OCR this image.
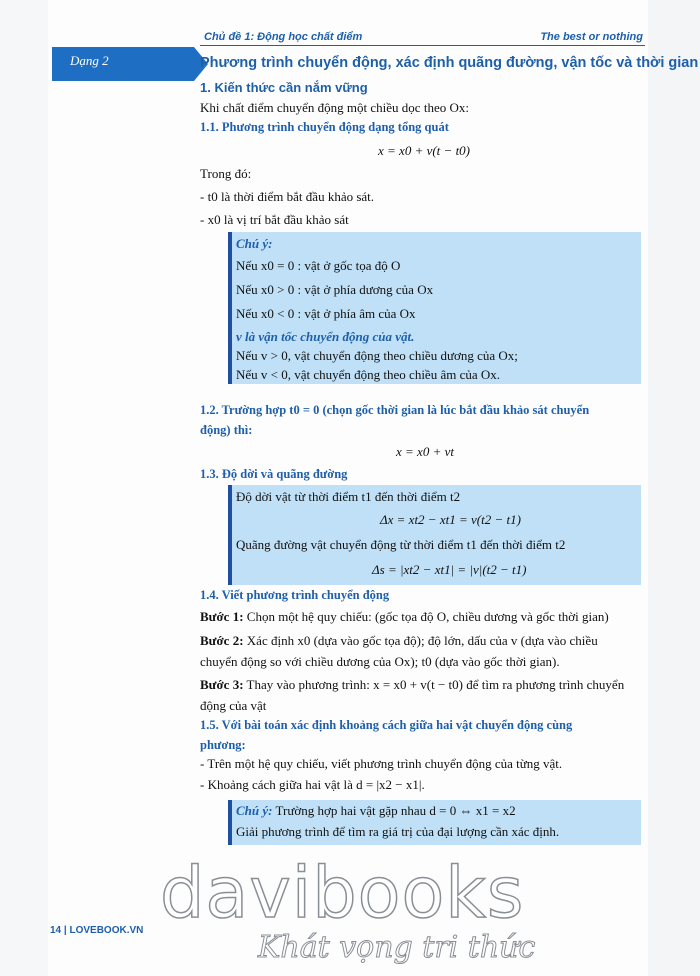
Chủ đề 1: Động học chất điểm	The best or nothing
Dạng 2	Phương trình chuyển động, xác định quãng đường, vận tốc và thời gian
1. Kiến thức cần nắm vững
Khi chất điểm chuyển động một chiều dọc theo Ox:
1.1. Phương trình chuyển động dạng tổng quát
x = x0 + v(t − t0)
Trong đó:
- t0 là thời điểm bắt đầu khảo sát.
- x0 là vị trí bắt đầu khảo sát
Chú ý:
Nếu x0 = 0 : vật ở gốc tọa độ O
Nếu x0 > 0 : vật ở phía dương của Ox
Nếu x0 < 0 : vật ở phía âm của Ox
v là vận tốc chuyển động của vật.
Nếu v > 0, vật chuyển động theo chiều dương của Ox;
Nếu v < 0, vật chuyển động theo chiều âm của Ox.
1.2. Trường hợp t0 = 0 (chọn gốc thời gian là lúc bắt đầu khảo sát chuyển
động) thì:
x = x0 + vt
1.3. Độ dời và quãng đường
Độ dời vật từ thời điểm t1 đến thời điểm t2
Δx = xt2 − xt1 = v(t2 − t1)
Quãng đường vật chuyển động từ thời điểm t1 đến thời điểm t2
Δs = |xt2 − xt1| = |v|(t2 − t1)
1.4. Viết phương trình chuyển động
Bước 1: Chọn một hệ quy chiếu: (gốc tọa độ O, chiều dương và gốc thời gian)
Bước 2: Xác định x0 (dựa vào gốc tọa độ); độ lớn, dấu của v (dựa vào chiều
chuyển động so với chiều dương của Ox); t0 (dựa vào gốc thời gian).
Bước 3: Thay vào phương trình: x = x0 + v(t − t0) để tìm ra phương trình chuyển
động của vật
1.5. Với bài toán xác định khoảng cách giữa hai vật chuyển động cùng
phương:
- Trên một hệ quy chiếu, viết phương trình chuyển động của từng vật.
- Khoảng cách giữa hai vật là d = |x2 − x1|.
Chú ý: Trường hợp hai vật gặp nhau d = 0 ⇔ x1 = x2
Giải phương trình để tìm ra giá trị của đại lượng cần xác định.
14 | LOVEBOOK.VN davibooks
Khát vọng tri thức
